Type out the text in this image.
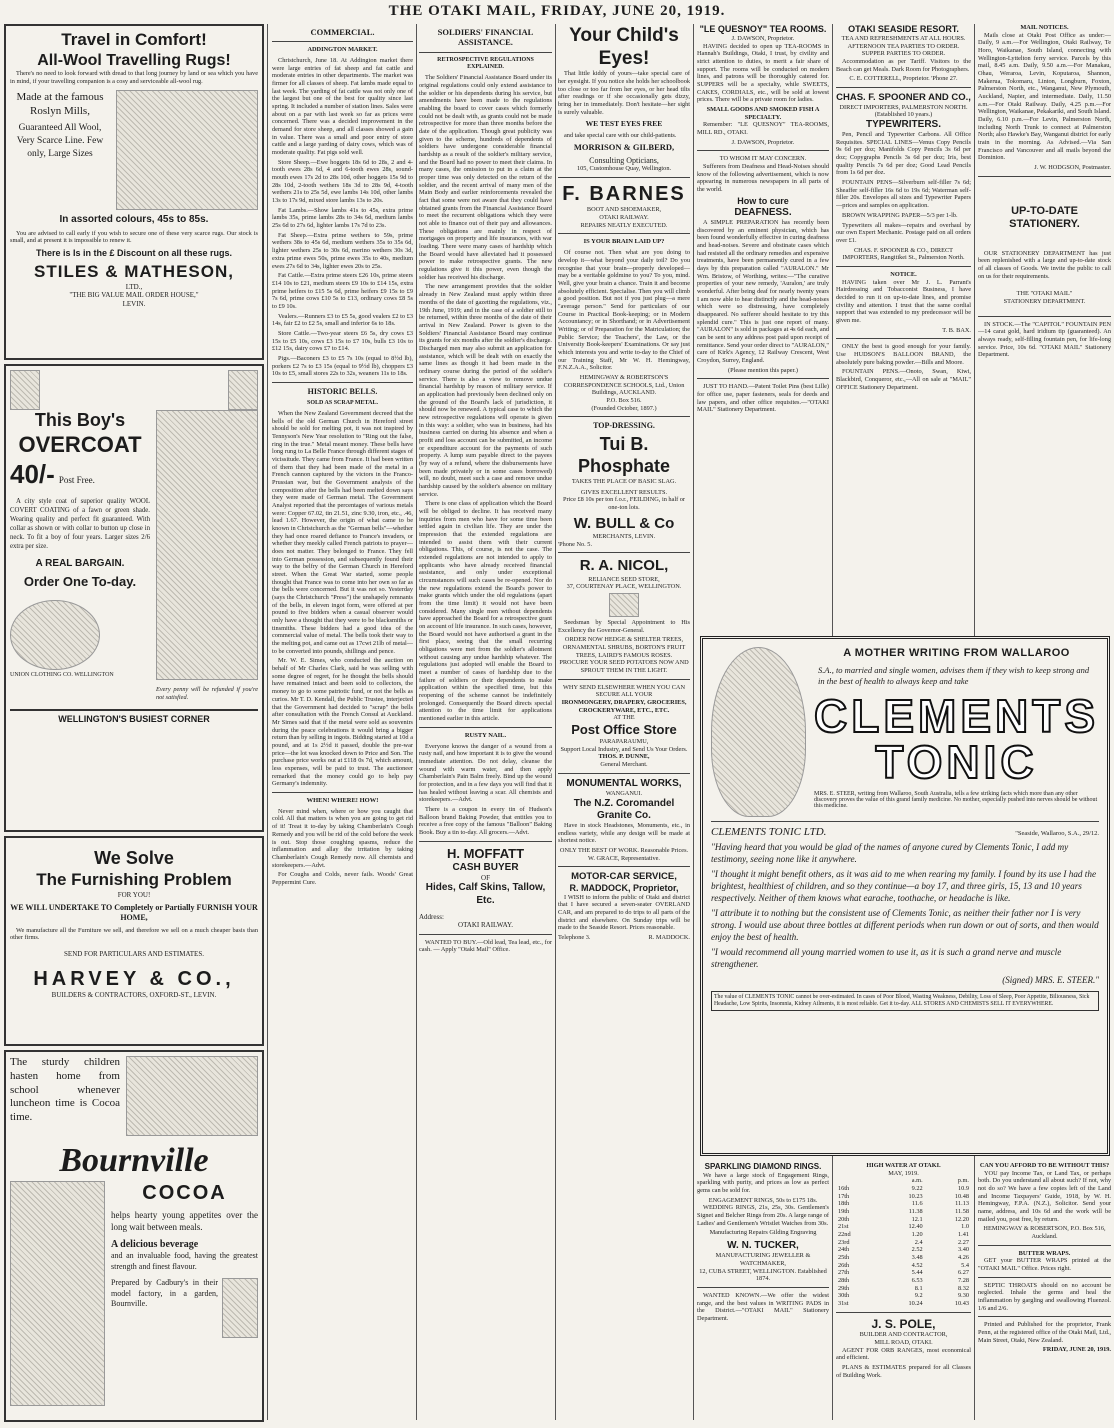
THE OTAKI MAIL, FRIDAY, JUNE 20, 1919.
Travel in Comfort!
All-Wool Travelling Rugs!

There's no need to look forward with dread to that long journey by land or sea which you have in mind, if your travelling companion is a cosy and serviceable all-wool rug.

Made at the famous Roslyn Mills,
Guaranteed All Wool, Very Scarce Line. Few only, Large Sizes
In assorted colours, 45s to 85s.

You are advised to call early if you wish to secure one of these very scarce rugs. Our stock is small, and at present it is impossible to renew it.

There is Is in the £ Discount on all these rugs.
STILES & MATHESON,
LTD.,
"THE BIG VALUE MAIL ORDER HOUSE,"
LEVIN.
This Boy's
OVERCOAT
40/- Post Free.

A city style coat of superior quality WOOL COVERT COATING of a fawn or green shade. Wearing quality and perfect fit guaranteed. With collar as shown or with collar to button up close in neck. To fit a boy of four years. Larger sizes 2/6 extra per size.

A REAL BARGAIN.
Order One To-day.
UNION CLOTHING CO. WELLINGTON
Every penny will be refunded if you're not satisfied.
WELLINGTON'S BUSIEST CORNER
We Solve
The Furnishing Problem
FOR YOU!
WE WILL UNDERTAKE TO Completely or Partially FURNISH YOUR HOME,

We manufacture all the Furniture we sell, and therefore we sell on a much cheaper basis than other firms.

SEND FOR PARTICULARS AND ESTIMATES.
HARVEY & CO.,
BUILDERS & CONTRACTORS, OXFORD-ST., LEVIN.
The sturdy children hasten home from school whenever luncheon time is Cocoa time.
Bournville
COCOA
helps hearty young appetites over the long wait between meals.
A delicious beverage
and an invaluable food, having the greatest strength and finest flavour.
Prepared by Cadbury's in their model factory, in a garden, Bournville.
COMMERCIAL.
ADDINGTON MARKET.

Christchurch, June 18. At Addington market there were large entries of fat sheep and fat cattle and moderate entries in other departments. The market was firmer for all classes of sheep. Fat lambs made equal to last week. The yarding of fat cattle was not only one of the largest but one of the best for quality since last spring. It included a number of station lines. Sales were about on a par with last week so far as prices were concerned. There was a decided improvement in the demand for store sheep, and all classes showed a gain in value. There was a small and poor entry of store cattle and a large yarding of dairy cows, which was of moderate quality. Fat pigs sold well.

Store Sheep.—Ewe hoggets 18s 6d to 28s, 2 and 4-tooth ewes 28s 6d, 4 and 6-tooth ewes 28s, sound-mouth ewes 17s 2d to 28s 10d, other hoggets 15s 9d to 28s 10d, 2-tooth wethers 18s 3d to 28s 9d, 4-tooth wethers 21s to 25s 5d, ewe lambs 14s 10d, other lambs 13s to 17s 9d, mixed store lambs 13s to 20s.

Fat Lambs.—Show lambs 41s to 45s, extra prime lambs 35s, prime lambs 28s to 34s 6d, medium lambs 25s 6d to 27s 6d, lighter lambs 17s 7d to 23s.

Fat Sheep.—Extra prime wethers to 59s, prime wethers 38s to 45s 6d, medium wethers 35s to 35s 6d, lighter wethers 25s to 30s 6d, merino wethers 30s 3d, extra prime ewes 50s, prime ewes 35s to 40s, medium ewes 27s 6d to 34s, lighter ewes 20s to 25s.

Fat Cattle.—Extra prime steers £26 10s, prime steers £14 10s to £21, medium steers £9 10s to £14 15s, extra prime heifers to £15 5s 6d, prime heifers £9 15s to £9 7s 6d, prime cows £10 5s to £13, ordinary cows £8 5s to £9 10s.

Vealers.—Runners £3 to £5 5s, good vealers £2 to £3 14s, fair £2 to £2 5s, small and inferior 6s to 18s.

Store Cattle.—Two-year steers £6 5s, dry cows £3 15s to £5 10s, cows £3 15s to £7 10s, bulls £3 10s to £12 15s, dairy cows £7 to £14.

Pigs.—Baconers £3 to £5 7s 10s (equal to 8½d lb), porkers £2 7s to £3 15s (equal to 9½d lb), choppers £3 10s to £5, small stores 22s to 32s, weaners 11s to 18s.

HISTORIC BELLS.
SOLD AS SCRAP METAL.

When the New Zealand Government decreed that the bells of the old German Church in Hereford street should be sold for melting pot, it was not inspired by Tennyson's New Year resolution to "Ring out the false, ring in the true." Metal meant money. These bells have long rung to La Belle France through different stages of vicissitude. They came from France. It had been written of them that they had been made of the metal in a French cannon captured by the victors in the Franco-Prussian war, but the Government analysis of the composition after the bells had been melted down says they were made of German metal. The Government Analyst reported that the percentages of various metals were: Copper 67.02, tin 21.51, zinc 9.30, iron, etc., .46, lead 1.67. However, the origin of what came to be known in Christchurch as the "German bells"—whether they had once roared defiance to France's invaders, or whether they meekly called French patriots to prayer—does not matter. They belonged to France. They fell into German possession, and subsequently found their way to the belfry of the German Church in Hereford street. When the Great War started, some people thought that France was to come into her own so far as the bells were concerned. But it was not so. Yesterday (says the Christchurch "Press") the unshapely remnants of the bells, in eleven ingot form, were offered at per pound to five bidders when a casual observer would only have a thought that they were to be blacksmiths or tinsmiths. These bidders had a good idea of the commercial value of metal. The bells took their way to the melting pot, and came out as 17cwt 21lb of metal—to be converted into pounds, shillings and pence.

Mr. W. E. Simes, who conducted the auction on behalf of Mr Charles Clark, said he was selling with some degree of regret, for he thought the bells should have remained intact and been sold to collectors, the money to go to some patriotic fund, or not the bells as curios. Mr T. D. Kendall, the Public Trustee, interjected that the Government had decided to "scrap" the bells after consultation with the French Consul at Auckland. Mr Simes said that if the metal were sold as souvenirs during the peace celebrations it would bring a bigger return than by selling in ingots. Bidding started at 10d a pound, and at 1s 2½d it passed, double the pre-war price—the lot was knocked down to Price and Son. The purchase price works out at £118 0s 7d, which amount, less expenses, will be paid to trust. The auctioneer remarked that the money could go to help pay Germany's indemnity.

WHEN! WHERE! HOW!

Never mind when, where or how you caught that cold. All that matters is when you are going to get rid of it! Treat it to-day by taking Chamberlain's Cough Remedy and you will be rid of the cold before the week is out. Stop those coughing spasms, reduce the inflammation and allay the irritation by taking Chamberlain's Cough Remedy now. All chemists and storekeepers.—Advt.

For Coughs and Colds, never fails. Woods' Great Peppermint Cure.

SOLDIERS' FINANCIAL ASSISTANCE.
RETROSPECTIVE REGULATIONS EXPLAINED.

The Soldiers' Financial Assistance Board under its original regulations could only extend assistance to the soldier or his dependents during his service, but amendments have been made to the regulations enabling the board to cover cases which formerly could not be dealt with, as grants could not be made retrospective for more than three months before the date of the application. Though great publicity was given to the scheme, hundreds of dependents of soldiers have undergone considerable financial hardship as a result of the soldier's military service, and the Board had no power to meet their claims. In many cases, the omission to put in a claim at the proper time was only detected on the return of the soldier, and the recent arrival of many men of the Main Body and earlier reinforcements revealed the fact that some were not aware that they could have obtained grants from the Financial Assistance Board to meet the recurrent obligations which they were not able to finance out of their pay and allowances. These obligations are mainly in respect of mortgages on property and life insurances, with war loading. There were many cases of hardship which the Board would have alleviated had it possessed power to make retrospective grants. The new regulations give it this power, even though the soldier has received his discharge.

The new arrangement provides that the soldier already in New Zealand must apply within three months of the date of gazetting the regulations, viz., 19th June, 1919; and in the case of a soldier still to be returned, within three months of the date of their arrival in New Zealand. Power is given to the Soldiers' Financial Assistance Board may continue its grants for six months after the soldier's discharge. Discharged men may also submit an application for assistance, which will be dealt with on exactly the same lines as though it had been made in the ordinary course during the period of the soldier's service. There is also a view to remove undue financial hardship by reason of military service. If an application had previously been declined only on the ground of the Board's lack of jurisdiction, it should now be renewed. A typical case to which the new retrospective regulations will operate is given in this way: a soldier, who was in business, had his business carried on during his absence and when a profit and loss account can be submitted, an income or expenditure account for the payments of such property. A lump sum payable direct to the payees (by way of a refund, where the disbursements have been made privately or in some cases borrowed) will, no doubt, meet such a case and remove undue hardship caused by the soldier's absence on military service.

There is one class of application which the Board will be obliged to decline. It has received many inquiries from men who have for some time been settled again in civilian life. They are under the impression that the extended regulations are intended to assist them with their current obligations. This, of course, is not the case. The extended regulations are not intended to apply to applicants who have already received financial assistance, and only under exceptional circumstances will such cases be re-opened. Nor do the new regulations extend the Board's power to make grants which under the old regulations (apart from the time limit) it would not have been considered. Many single men without dependents have approached the Board for a retrospective grant on account of life insurance. In such cases, however, the Board would not have authorised a grant in the first place, seeing that the small recurring obligations were met from the soldier's allotment without causing any undue hardship whatever. The regulations just adopted will enable the Board to meet a number of cases of hardship due to the failure of soldiers or their dependents to make application within the specified time, but this reopening of the scheme cannot be indefinitely prolonged. Consequently the Board directs special attention to the time limit for applications mentioned earlier in this article.

RUSTY NAIL.

Everyone knows the danger of a wound from a rusty nail, and how important it is to give the wound immediate attention. Do not delay, cleanse the wound with warm water, and then apply Chamberlain's Pain Balm freely. Bind up the wound for protection, and in a few days you will find that it has healed without leaving a scar. All chemists and storekeepers.—Advt.

There is a coupon in every tin of Hudson's Balloon brand Baking Powder, that entitles you to receive a free copy of the famous "Balloon" Baking Book. Buy a tin to-day. All grocers.—Advt.

H. MOFFATT
CASH BUYER
OF
Hides, Calf Skins, Tallow, Etc.
Address:
OTAKI RAILWAY.

WANTED TO BUY.—Old lead, Tea lead, etc., for cash. — Apply "Otaki Mail" Office.

Your Child's
Eyes!

That little kiddy of yours—take special care of her eyesight. If you notice she holds her schoolbook too close or too far from her eyes, or her head tilts after readings or if she occasionally gets dizzy, bring her in immediately. Don't hesitate—her sight is surely valuable.

WE TEST EYES FREE

and take special care with our child-patients.

MORRISON & GILBERD,
Consulting Opticians,
105, Customhouse Quay, Wellington.
F. BARNES
BOOT AND SHOEMAKER,
OTAKI RAILWAY.
REPAIRS NEATLY EXECUTED.
IS YOUR BRAIN LAID UP?

Of course not. Then what are you doing to develop it—what beyond your daily toil? Do you recognise that your brain—properly developed—may be a veritable goldmine to you? To you, mind. Well, give your brain a chance. Train it and become absolutely efficient. Specialise. Then you will climb a good position. But not if you just plug—a mere "average person." Send for particulars of our Course in Practical Book-keeping; or in Modern Accountancy; or in Shorthand; or in Advertisement Writing; or of Preparation for the Matriculation; the Public Service; the Teachers', the Law, or the University Book-keepers' Examinations. Or say just which interests you and write to-day to the Chief of our Training Staff, Mr W. H. Hemingway, F.N.Z.A.A., Solicitor.

HEMINGWAY & ROBERTSON'S CORRESPONDENCE SCHOOLS, Ltd., Union Buildings, AUCKLAND.
P.O. Box 516.
(Founded October, 1897.)
TOP-DRESSING.
Tui B.
Phosphate
TAKES THE PLACE OF BASIC SLAG.
GIVES EXCELLENT RESULTS.
Price £8 10s per ton f.o.r., FEILDING, in half or one-ton lots.
W. BULL & Co
MERCHANTS, LEVIN.
'Phone No. 5.
R. A. NICOL,
RELIANCE SEED STORE,
37, COURTENAY PLACE, WELLINGTON.

Seedsman by Special Appointment to His Excellency the Governor-General.

ORDER NOW HEDGE & SHELTER TREES,
ORNAMENTAL SHRUBS, BORTON'S FRUIT TREES, LAIRD'S FAMOUS ROSES.
PROCURE YOUR SEED POTATOES NOW AND SPROUT THEM IN THE LIGHT.
WHY SEND ELSEWHERE WHEN YOU CAN SECURE ALL YOUR
IRONMONGERY, DRAPERY, GROCERIES, CROCKERYWARE, ETC., ETC.
AT THE
Post Office Store
PARAPARAUMU,
Support Local Industry, and Send Us Your Orders.
THOS. P. DUNNE,
General Merchant.
MONUMENTAL WORKS,
WANGANUI.
The N.Z. Coromandel Granite Co.

Have in stock Headstones, Monuments, etc., in endless variety, while any design will be made at shortest notice.

ONLY THE BEST OF WORK. Reasonable Prices.
W. GRACE, Representative.
MOTOR-CAR SERVICE,
R. MADDOCK, Proprietor,

I WISH to inform the public of Otaki and district that I have secured a seven-seater OVERLAND CAR, and am prepared to do trips to all parts of the district and elsewhere. On Sunday trips will be made to the Seaside Resort. Prices reasonable.

Telephone 3.	R. MADDOCK.
"LE QUESNOY" TEA ROOMS.
J. DAWSON, Proprietor.

HAVING decided to open up TEA-ROOMS in Hannah's Buildings, Otaki, I trust, by civility and strict attention to duties, to merit a fair share of support. The rooms will be conducted on modern lines, and patrons will be thoroughly catered for. SUPPERS will be a specialty, while SWEETS, CAKES, CORDIALS, etc., will be sold at lowest prices. There will be a private room for ladies.

SMALL GOODS AND SMOKED FISH A SPECIALTY.

Remember: "LE QUESNOY" TEA-ROOMS, MILL RD., OTAKI.

J. DAWSON, Proprietor.
TO WHOM IT MAY CONCERN.

Sufferers from Deafness and Head-Noises should know of the following advertisement, which is now appearing in numerous newspapers in all parts of the world.

How to cure
DEAFNESS.

A SIMPLE PREPARATION has recently been discovered by an eminent physician, which has been found wonderfully effective in curing deafness and head-noises. Severe and obstinate cases which had resisted all the ordinary remedies and expensive treatments, have been permanently cured in a few days by this preparation called "AURALON." Mr Wm. Bristow, of Worthing, writes:—"The curative properties of your new remedy, 'Auralon,' are truly wonderful. After being deaf for nearly twenty years I am now able to hear distinctly and the head-noises which were so distressing, have completely disappeared. No sufferer should hesitate to try this splendid cure." This is just one report of many. "AURALON" is sold in packages at 4s 6d each, and can be sent to any address post paid upon receipt of remittance. Send your order direct to "AURALON," care of Kirk's Agency, 12 Railway Crescent, West Croydon, Surrey, England.

(Please mention this paper.)

JUST TO HAND.—Patent Toilet Pins (best Lille) for office use, paper fasteners, seals for deeds and law papers, and other office requisites.—"OTAKI MAIL" Stationery Department.

OTAKI SEASIDE RESORT.
TEA AND REFRESHMENTS AT ALL HOURS.
AFTERNOON TEA PARTIES TO ORDER.
SUPPER PARTIES TO ORDER.

Accommodation as per Tariff. Visitors to the Beach can get Meals. Dark Room for Photographers.

C. E. COTTERELL, Proprietor. 'Phone 27.
CHAS. F. SPOONER AND CO.,
DIRECT IMPORTERS, PALMERSTON NORTH. (Established 10 years.)
TYPEWRITERS.

Pen, Pencil and Typewriter Carbons. All Office Requisites. SPECIAL LINES—Venus Copy Pencils 9s 6d per doz; Manifolds Copy Pencils 3s 6d per doz; Copygraphs Pencils 3s 6d per doz; Iris, best quality Pencils 7s 6d per doz; Good Lead Pencils from 1s 6d per doz.

FOUNTAIN PENS—Silverburn self-filler 7s 6d; Sheaffer self-filler 16s 6d to 19s 6d; Waterman self-filler 20s. Envelopes all sizes and Typewriter Papers—prices and samples on application.

BROWN WRAPPING PAPER—5/3 per 1-lb.

Typewriters all makes—repairs and overhaul by our own Expert Mechanic. Postage paid on all orders over £1.

CHAS. F. SPOONER & CO., DIRECT IMPORTERS, Rangitikei St., Palmerston North.
NOTICE.

HAVING taken over Mr J. L. Parrant's Hairdressing and Tobacconist Business, I have decided to run it on up-to-date lines, and promise civility and attention. I trust that the same cordial support that was extended to my predecessor will be given me.

T. B. BAX.

ONLY the best is good enough for your family. Use HUDSON'S BALLOON BRAND, the absolutely pure baking powder.—Bills and Moore.

FOUNTAIN PENS.—Onoto, Swan, Kiwi, Blackbird, Conqueror, etc.,—All on sale at "MAIL" OFFICE Stationery Department.

MAIL NOTICES.

Mails close at Otaki Post Office as under:— Daily, 9 a.m.—For Wellington, Otaki Railway, Te Horo, Waikanae, South Island, connecting with Wellington-Lyttelton ferry service. Parcels by this mail, 8.45 a.m. Daily, 9.50 a.m.—For Manakau, Ohau, Weraroa, Levin, Koputaroa, Shannon, Makerua, Tokomaru, Linton, Longburn, Foxton, Palmerston North, etc., Wanganui, New Plymouth, Auckland, Napier, and intermediate. Daily, 11.50 a.m.—For Otaki Railway. Daily, 4.25 p.m.—For Wellington, Waikanae, Pekakariki, and South Island. Daily, 6.10 p.m.—For Levin, Palmerston North, including North Trunk to connect at Palmerston North; also Hawke's Bay, Wanganui district for early train in the morning. As Advised.—Via San Francisco and Vancouver and all mails beyond the Dominion.

J. W. HODGSON, Postmaster.
UP-TO-DATE
STATIONERY.

OUR STATIONERY DEPARTMENT has just been replenished with a large and up-to-date stock of all classes of Goods. We invite the public to call on us for their requirements.

THE "OTAKI MAIL"
STATIONERY DEPARTMENT.

IN STOCK.—The "CAPITOL" FOUNTAIN PEN—14 carat gold, hard iridium tip (guaranteed). An always ready, self-filling fountain pen, for life-long service. Price, 10s 6d. "OTAKI MAIL" Stationery Department.

A MOTHER WRITING FROM WALLAROO
S.A., to married and single women, advises them if they wish to keep strong and in the best of health to always keep and take
CLEMENTS
TONIC
MRS. E. STEER, writing from Wallaroo, South Australia, tells a few striking facts which more than any other discovery proves the value of this grand family medicine. No mother, especially pushed into nerves should be without this medicine.
CLEMENTS TONIC LTD.	"Seaside, Wallaroo, S.A., 29/12.
"Having heard that you would be glad of the names of anyone cured by Clements Tonic, I add my testimony, seeing none like it anywhere.
"I thought it might benefit others, as it was aid to me when rearing my family. I found by its use I had the brightest, healthiest of children, and so they continue—a boy 17, and three girls, 15, 13 and 10 years respectively. Neither of them knows what earache, toothache, or headache is like.
"I attribute it to nothing but the consistent use of Clements Tonic, as neither their father nor I is very strong. I would use about three bottles at different periods when run down or out of sorts, and then would enjoy the best of health.
"I would recommend all young married women to use it, as it is such a grand nerve and muscle strengthener.
(Signed) MRS. E. STEER."
The value of CLEMENTS TONIC cannot be over-estimated. In cases of Poor Blood, Wasting Weakness, Debility, Loss of Sleep, Poor Appetite, Biliousness, Sick Headache, Low Spirits, Insomnia, Kidney Ailments, it is most reliable. Get it to-day. ALL STORES AND CHEMISTS SELL IT EVERYWHERE.
SPARKLING DIAMOND RINGS.

We have a large stock of Engagement Rings, sparkling with purity, and prices as low as perfect gems can be sold for.

ENGAGEMENT RINGS, 50s to £175 18s.

WEDDING RINGS, 21s, 25s, 30s. Gentlemen's Signet and Belcher Rings from 20s. A large range of Ladies' and Gentlemen's Wristlet Watches from 30s.

Manufacturing Repairs Gilding Engraving
W. N. TUCKER,
MANUFACTURING JEWELLER & WATCHMAKER,
12, CUBA STREET, WELLINGTON. Established 1874.

WANTED KNOWN.—We offer the widest range, and the best values in WRITING PADS in the District.—"OTAKI MAIL" Stationery Department.

HIGH WATER AT OTAKI.
MAY, 1919.
	a.m.	p.m.
16th	9.22	10.9
17th	10.23	10.48
18th	11.6	11.13
19th	11.38	11.58
20th	12.1	12.20
21st	12.40	1.0
22nd	1.20	1.41
23rd	2.4	2.27
24th	2.52	3.40
25th	3.48	4.26
26th	4.52	5.4
27th	5.44	6.27
28th	6.53	7.28
29th	8.1	8.32
30th	9.2	9.30
31st	10.24	10.43
J. S. POLE,
BUILDER AND CONTRACTOR,
MILL ROAD, OTAKI.

AGENT FOR ORB RANGES, most economical and efficient.

PLANS & ESTIMATES prepared for all Classes of Building Work.

CAN YOU AFFORD TO BE WITHOUT THIS?

YOU pay Income Tax, or Land Tax, or perhaps both. Do you understand all about such? If not, why not do so? We have a few copies left of the Land and Income Taxpayers' Guide, 1918, by W. H. Hemingway, F.P.A. (N.Z.), Solicitor. Send your name, address, and 10s 6d and the work will be mailed you, post free, by return.

HEMINGWAY & ROBERTSON, P.O. Box 516, Auckland.
BUTTER WRAPS.

GET your BUTTER WRAPS printed at the "OTAKI MAIL" Office. Prices right.

SEPTIC THROATS should on no account be neglected. Inhale the germs and heal the inflammation by gargling and swallowing Fluenzol. 1/6 and 2/6.

Printed and Published for the proprietor, Frank Penn, at the registered office of the Otaki Mail, Ltd., Main Street, Otaki, New Zealand.

FRIDAY, JUNE 20, 1919.
